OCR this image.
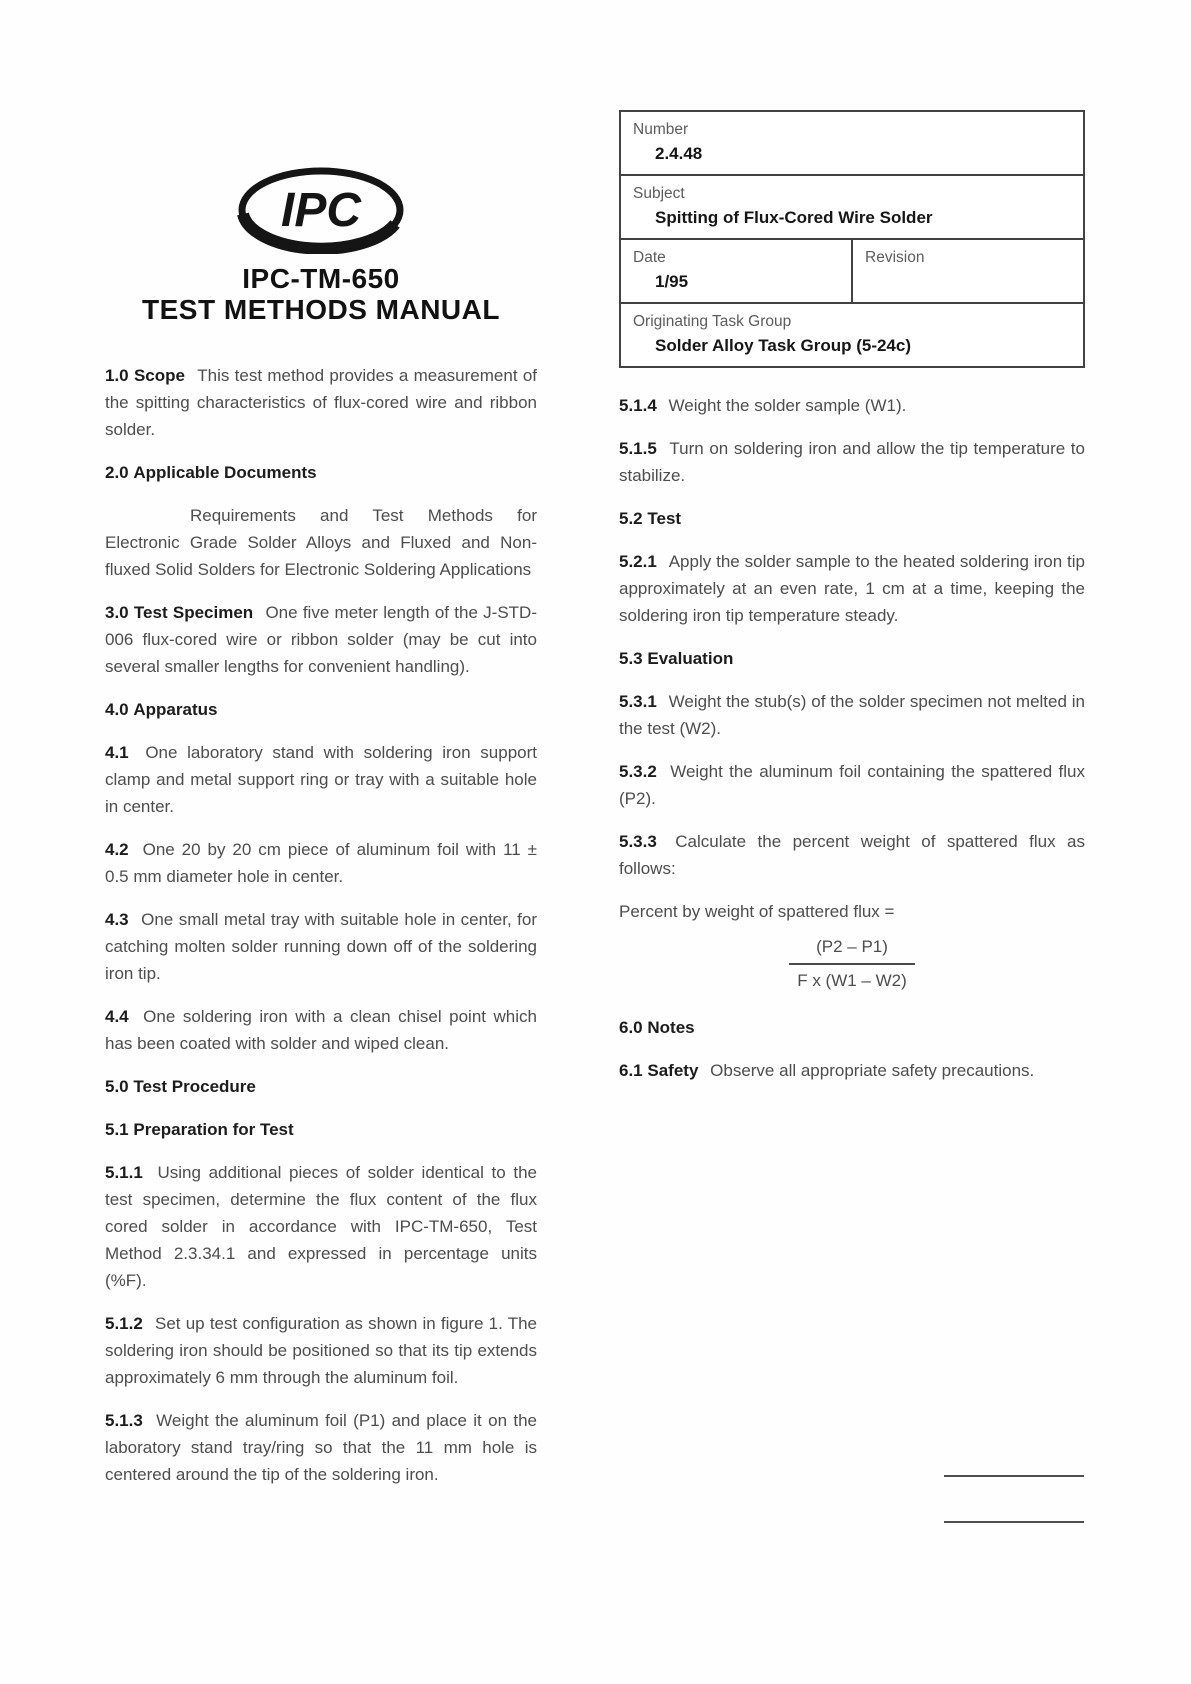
IPC
IPC-TM-650
TEST METHODS MANUAL
Number
2.4.48
Subject
Spitting of Flux-Cored Wire Solder
Date
1/95
Revision
Originating Task Group
Solder Alloy Task Group (5-24c)

1.0 Scope This test method provides a measurement of the spitting characteristics of flux-cored wire and ribbon solder.

2.0 Applicable Documents

Requirements and Test Methods for Electronic Grade Solder Alloys and Fluxed and Non-fluxed Solid Solders for Electronic Soldering Applications

3.0 Test Specimen One five meter length of the J-STD-006 flux-cored wire or ribbon solder (may be cut into several smaller lengths for convenient handling).

4.0 Apparatus

4.1 One laboratory stand with soldering iron support clamp and metal support ring or tray with a suitable hole in center.

4.2 One 20 by 20 cm piece of aluminum foil with 11 ± 0.5 mm diameter hole in center.

4.3 One small metal tray with suitable hole in center, for catching molten solder running down off of the soldering iron tip.

4.4 One soldering iron with a clean chisel point which has been coated with solder and wiped clean.

5.0 Test Procedure

5.1 Preparation for Test

5.1.1 Using additional pieces of solder identical to the test specimen, determine the flux content of the flux cored solder in accordance with IPC-TM-650, Test Method 2.3.34.1 and expressed in percentage units (%F).

5.1.2 Set up test configuration as shown in figure 1. The soldering iron should be positioned so that its tip extends approximately 6 mm through the aluminum foil.

5.1.3 Weight the aluminum foil (P1) and place it on the laboratory stand tray/ring so that the 11 mm hole is centered around the tip of the soldering iron.

5.1.4 Weight the solder sample (W1).

5.1.5 Turn on soldering iron and allow the tip temperature to stabilize.

5.2 Test

5.2.1 Apply the solder sample to the heated soldering iron tip approximately at an even rate, 1 cm at a time, keeping the soldering iron tip temperature steady.

5.3 Evaluation

5.3.1 Weight the stub(s) of the solder specimen not melted in the test (W2).

5.3.2 Weight the aluminum foil containing the spattered flux (P2).

5.3.3 Calculate the percent weight of spattered flux as follows:

Percent by weight of spattered flux =

$\frac{(P2 - P1)}{\text{F x (W1 – W2)}}$

6.0 Notes

6.1 Safety Observe all appropriate safety precautions.
